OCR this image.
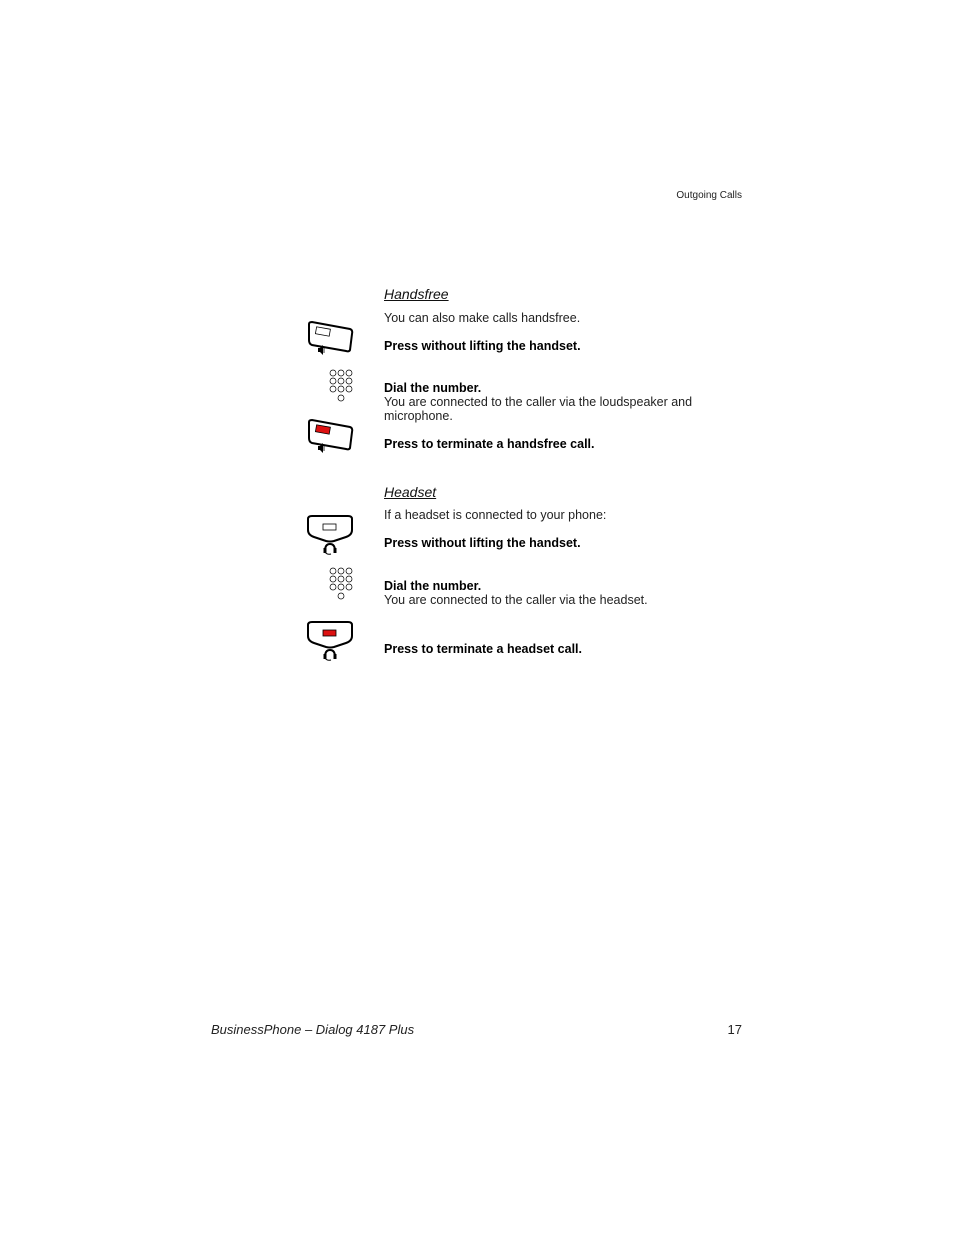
Outgoing Calls
Handsfree
You can also make calls handsfree.
Press without lifting the handset.
Dial the number.
You are connected to the caller via the loudspeaker and
microphone.
Press to terminate a handsfree call.
Headset
If a headset is connected to your phone:
Press without lifting the handset.
Dial the number.
You are connected to the caller via the headset.
Press to terminate a headset call.
BusinessPhone – Dialog 4187 Plus	17
